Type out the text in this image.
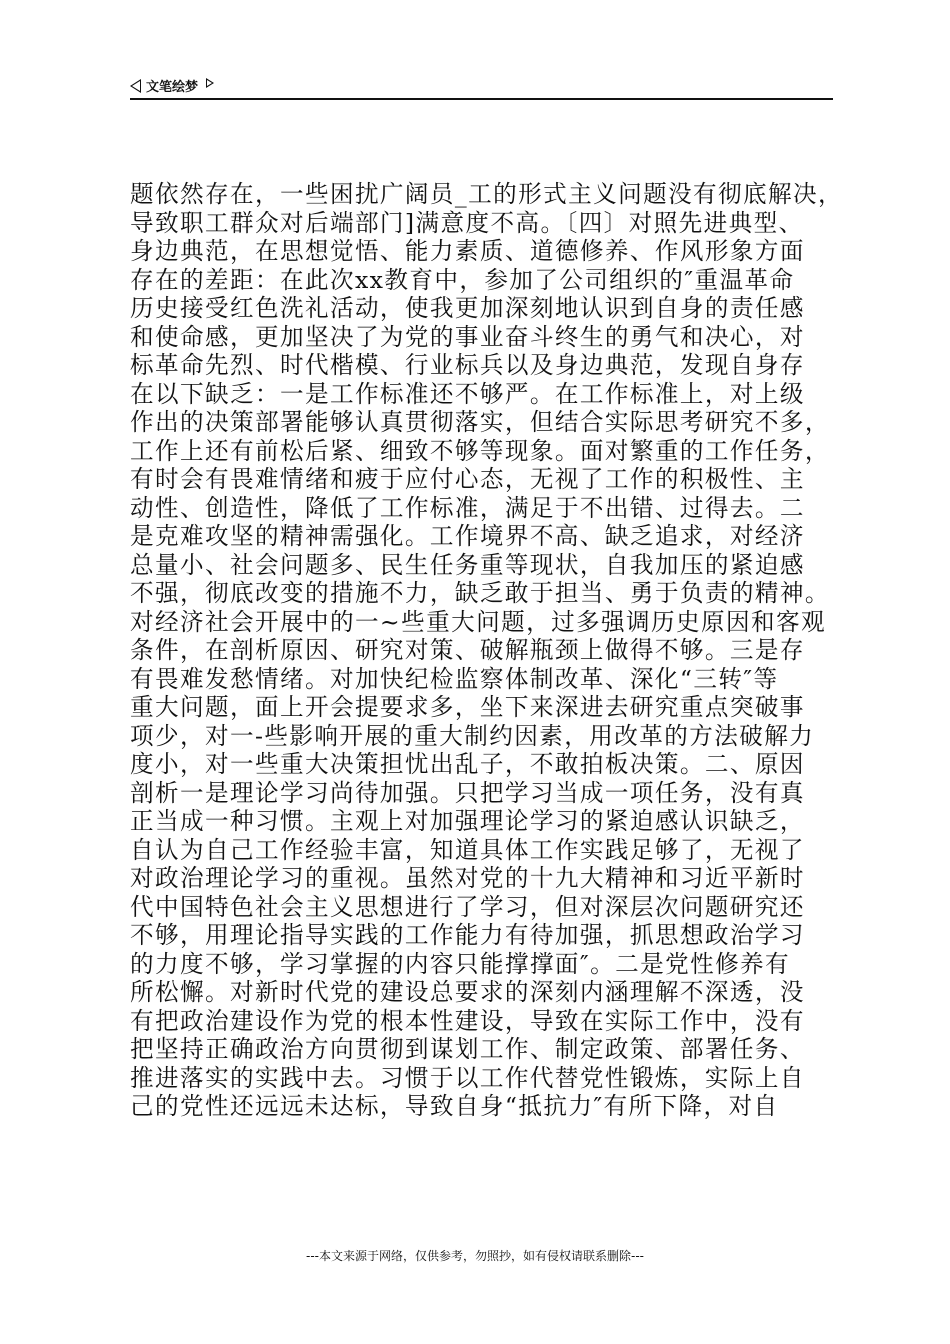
文笔绘梦
题依然存在，一些困扰广阔员_工的形式主义问题没有彻底解决，
导致职工群众对后端部门]满意度不高。〔四〕对照先进典型、
身边典范，在思想觉悟、能力素质、道德修养、作风形象方面
存在的差距：在此次xx教育中，参加了公司组织的″重温革命
历史接受红色洗礼活动，使我更加深刻地认识到自身的责任感
和使命感，更加坚决了为党的事业奋斗终生的勇气和决心，对
标革命先烈、时代楷模、行业标兵以及身边典范，发现自身存
在以下缺乏：一是工作标准还不够严。在工作标准上，对上级
作出的决策部署能够认真贯彻落实，但结合实际思考研究不多，
工作上还有前松后紧、细致不够等现象。面对繁重的工作任务，
有时会有畏难情绪和疲于应付心态，无视了工作的积极性、主
动性、创造性，降低了工作标准，满足于不出错、过得去。二
是克难攻坚的精神需强化。工作境界不高、缺乏追求，对经济
总量小、社会问题多、民生任务重等现状，自我加压的紧迫感
不强，彻底改变的措施不力，缺乏敢于担当、勇于负责的精神。
对经济社会开展中的一~些重大问题，过多强调历史原因和客观
条件，在剖析原因、研究对策、破解瓶颈上做得不够。三是存
有畏难发愁情绪。对加快纪检监察体制改革、深化“三转″等
重大问题，面上开会提要求多，坐下来深进去研究重点突破事
项少，对一-些影响开展的重大制约因素，用改革的方法破解力
度小，对一些重大决策担忧出乱子，不敢拍板决策。二、原因
剖析一是理论学习尚待加强。只把学习当成一项任务，没有真
正当成一种习惯。主观上对加强理论学习的紧迫感认识缺乏，
自认为自己工作经验丰富，知道具体工作实践足够了，无视了
对政治理论学习的重视。虽然对党的十九大精神和习近平新时
代中国特色社会主义思想进行了学习，但对深层次问题研究还
不够，用理论指导实践的工作能力有待加强，抓思想政治学习
的力度不够，学习掌握的内容只能撑撑面″。二是党性修养有
所松懈。对新时代党的建设总要求的深刻内涵理解不深透，没
有把政治建设作为党的根本性建设，导致在实际工作中，没有
把坚持正确政治方向贯彻到谋划工作、制定政策、部署任务、
推进落实的实践中去。习惯于以工作代替党性锻炼，实际上自
己的党性还远远未达标，导致自身“抵抗力″有所下降，对自
---本文来源于网络，仅供参考，勿照抄，如有侵权请联系删除---
